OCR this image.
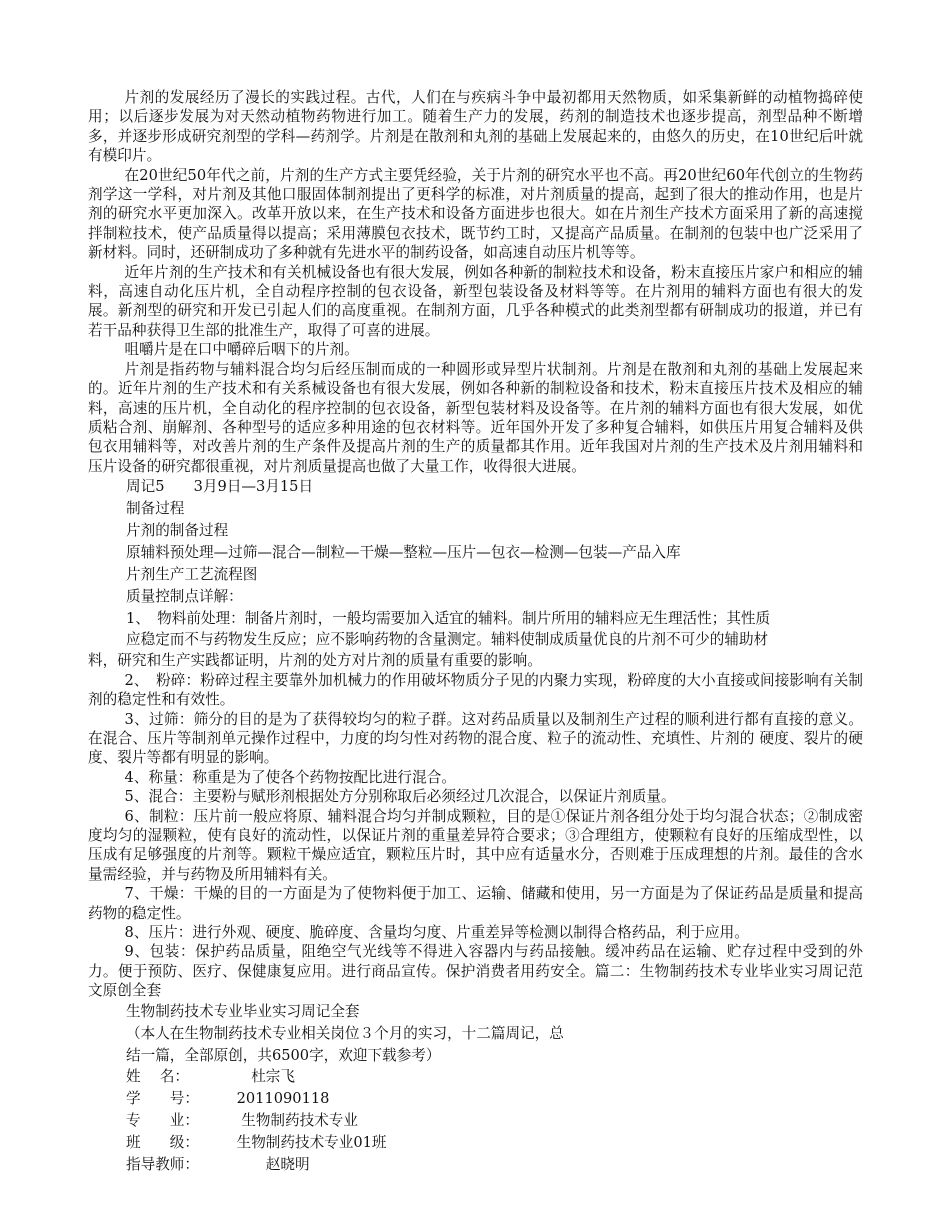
片剂的发展经历了漫长的实践过程。古代，人们在与疾病斗争中最初都用天然物质，如采集新鲜的动植物捣碎使用；以后逐步发展为对天然动植物药物进行加工。随着生产力的发展，药剂的制造技术也逐步提高，剂型品种不断增多，并逐步形成研究剂型的学科—药剂学。片剂是在散剂和丸剂的基础上发展起来的，由悠久的历史，在10世纪后叶就有模印片。

在20世纪50年代之前，片剂的生产方式主要凭经验，关于片剂的研究水平也不高。再20世纪60年代创立的生物药剂学这一学科，对片剂及其他口服固体制剂提出了更科学的标准，对片剂质量的提高，起到了很大的推动作用，也是片剂的研究水平更加深入。改革开放以来，在生产技术和设备方面进步也很大。如在片剂生产技术方面采用了新的高速搅拌制粒技术，使产品质量得以提高；采用薄膜包衣技术，既节约工时，又提高产品质量。在制剂的包装中也广泛采用了新材料。同时，还研制成功了多种就有先进水平的制药设备，如高速自动压片机等等。

近年片剂的生产技术和有关机械设备也有很大发展，例如各种新的制粒技术和设备，粉末直接压片家户和相应的辅料，高速自动化压片机，全自动程序控制的包衣设备，新型包装设备及材料等等。在片剂用的辅料方面也有很大的发展。新剂型的研究和开发已引起人们的高度重视。在制剂方面，几乎各种模式的此类剂型都有研制成功的报道，并已有若干品种获得卫生部的批准生产，取得了可喜的进展。

咀嚼片是在口中嚼碎后咽下的片剂。

片剂是指药物与辅料混合均匀后经压制而成的一种圆形或异型片状制剂。片剂是在散剂和丸剂的基础上发展起来的。近年片剂的生产技术和有关系械设备也有很大发展，例如各种新的制粒设备和技术，粉末直接压片技术及相应的辅料，高速的压片机，全自动化的程序控制的包衣设备，新型包装材料及设备等。在片剂的辅料方面也有很大发展，如优质粘合剂、崩解剂、各种型号的适应多种用途的包衣材料等。近年国外开发了多种复合辅料，如供压片用复合辅料及供包衣用辅料等，对改善片剂的生产条件及提高片剂的生产的质量都其作用。近年我国对片剂的生产技术及片剂用辅料和压片设备的研究都很重视，对片剂质量提高也做了大量工作，收得很大进展。

周记5　　3月9日—3月15日

制备过程

片剂的制备过程

原辅料预处理—过筛—混合—制粒—干燥—整粒—压片—包衣—检测—包装—产品入库

片剂生产工艺流程图

质量控制点详解：

1、　物料前处理：制备片剂时，一般均需要加入适宜的辅料。制片所用的辅料应无生理活性；其性质

应稳定而不与药物发生反应；应不影响药物的含量测定。辅料使制成质量优良的片剂不可少的辅助材

料，研究和生产实践都证明，片剂的处方对片剂的质量有重要的影响。

2、　粉碎：粉碎过程主要靠外加机械力的作用破坏物质分子见的内聚力实现，粉碎度的大小直接或间接影响有关制剂的稳定性和有效性。

3、过筛：筛分的目的是为了获得较均匀的粒子群。这对药品质量以及制剂生产过程的顺利进行都有直接的意义。在混合、压片等制剂单元操作过程中，力度的均匀性对药物的混合度、粒子的流动性、充填性、片剂的 硬度、裂片的硬度、裂片等都有明显的影响。

4、称量：称重是为了使各个药物按配比进行混合。

5、混合：主要粉与赋形剂根据处方分别称取后必须经过几次混合，以保证片剂质量。

6、制粒：压片前一般应将原、辅料混合均匀并制成颗粒，目的是①保证片剂各组分处于均匀混合状态；②制成密度均匀的湿颗粒，使有良好的流动性，以保证片剂的重量差异符合要求；③合理组方，使颗粒有良好的压缩成型性，以压成有足够强度的片剂等。颗粒干燥应适宜，颗粒压片时，其中应有适量水分，否则难于压成理想的片剂。最佳的含水量需经验，并与药物及所用辅料有关。

7、干燥：干燥的目的一方面是为了使物料便于加工、运输、储藏和使用，另一方面是为了保证药品是质量和提高药物的稳定性。

8、压片：进行外观、硬度、脆碎度、含量均匀度、片重差异等检测以制得合格药品，利于应用。

9、包装：保护药品质量，阻绝空气光线等不得进入容器内与药品接触。缓冲药品在运输、贮存过程中受到的外力。便于预防、医疗、保健康复应用。进行商品宣传。保护消费者用药安全。篇二：生物制药技术专业毕业实习周记范文原创全套

生物制药技术专业毕业实习周记全套

（本人在生物制药技术专业相关岗位３个月的实习，十二篇周记，总

结一篇，全部原创，共6500字，欢迎下载参考）

姓　 名：　　杜宗飞

学　　号：　2011090118

专　　业：　 生物制药技术专业

班　　级：　生物制药技术专业01班

指导教师：　　　赵晓明
